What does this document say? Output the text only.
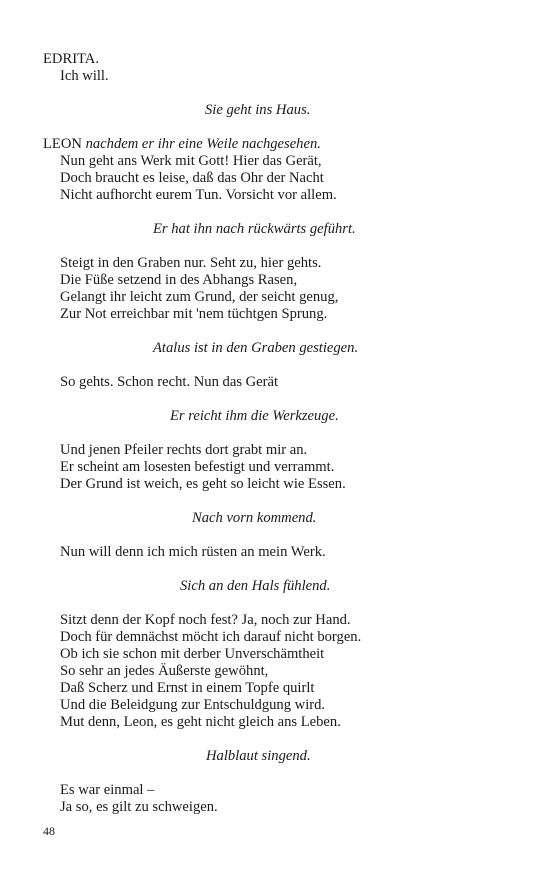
EDRITA.
Ich will.
Sie geht ins Haus.
LEON nachdem er ihr eine Weile nachgesehen.
Nun geht ans Werk mit Gott! Hier das Gerät,
Doch braucht es leise, daß das Ohr der Nacht
Nicht aufhorcht eurem Tun. Vorsicht vor allem.
Er hat ihn nach rückwärts geführt.
Steigt in den Graben nur. Seht zu, hier gehts.
Die Füße setzend in des Abhangs Rasen,
Gelangt ihr leicht zum Grund, der seicht genug,
Zur Not erreichbar mit 'nem tüchtgen Sprung.
Atalus ist in den Graben gestiegen.
So gehts. Schon recht. Nun das Gerät
Er reicht ihm die Werkzeuge.
Und jenen Pfeiler rechts dort grabt mir an.
Er scheint am losesten befestigt und verrammt.
Der Grund ist weich, es geht so leicht wie Essen.
Nach vorn kommend.
Nun will denn ich mich rüsten an mein Werk.
Sich an den Hals fühlend.
Sitzt denn der Kopf noch fest? Ja, noch zur Hand.
Doch für demnächst möcht ich darauf nicht borgen.
Ob ich sie schon mit derber Unverschämtheit
So sehr an jedes Äußerste gewöhnt,
Daß Scherz und Ernst in einem Topfe quirlt
Und die Beleidgung zur Entschuldgung wird.
Mut denn, Leon, es geht nicht gleich ans Leben.
Halblaut singend.
Es war einmal –
Ja so, es gilt zu schweigen.
48
